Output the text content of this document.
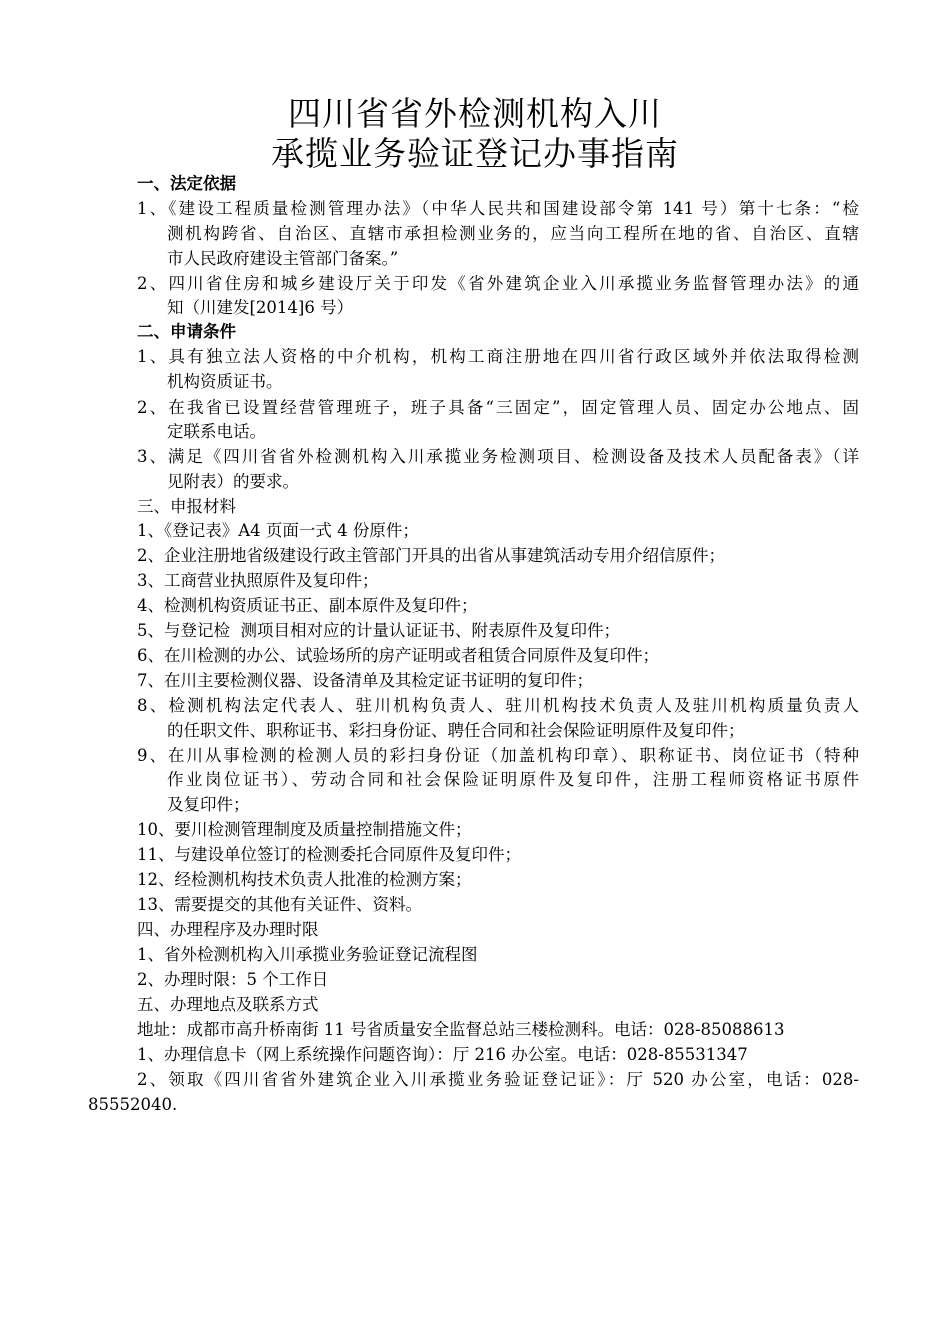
四川省省外检测机构入川
承揽业务验证登记办事指南
一、法定依据
1、《建设工程质量检测管理办法》（中华人民共和国建设部令第 141 号）第十七条：“检
测机构跨省、自治区、直辖市承担检测业务的，应当向工程所在地的省、自治区、直辖
市人民政府建设主管部门备案。”
2、四川省住房和城乡建设厅关于印发《省外建筑企业入川承揽业务监督管理办法》的通
知（川建发[2014]6 号）
二、申请条件
1、具有独立法人资格的中介机构，机构工商注册地在四川省行政区域外并依法取得检测
机构资质证书。
2、在我省已设置经营管理班子，班子具备“三固定”，固定管理人员、固定办公地点、固
定联系电话。
3、满足《四川省省外检测机构入川承揽业务检测项目、检测设备及技术人员配备表》（详
见附表）的要求。
三、申报材料
1、《登记表》A4 页面一式 4 份原件；
2、企业注册地省级建设行政主管部门开具的出省从事建筑活动专用介绍信原件；
3、工商营业执照原件及复印件；
4、检测机构资质证书正、副本原件及复印件；
5、与登记检  测项目相对应的计量认证证书、附表原件及复印件；
6、在川检测的办公、试验场所的房产证明或者租赁合同原件及复印件；
7、在川主要检测仪器、设备清单及其检定证书证明的复印件；
8、检测机构法定代表人、驻川机构负责人、驻川机构技术负责人及驻川机构质量负责人
的任职文件、职称证书、彩扫身份证、聘任合同和社会保险证明原件及复印件；
9、在川从事检测的检测人员的彩扫身份证（加盖机构印章）、职称证书、岗位证书（特种
作业岗位证书）、劳动合同和社会保险证明原件及复印件，注册工程师资格证书原件
及复印件；
10、要川检测管理制度及质量控制措施文件；
11、与建设单位签订的检测委托合同原件及复印件；
12、经检测机构技术负责人批准的检测方案；
13、需要提交的其他有关证件、资料。
四、办理程序及办理时限
1、省外检测机构入川承揽业务验证登记流程图
2、办理时限：5 个工作日
五、办理地点及联系方式
地址：成都市高升桥南街 11 号省质量安全监督总站三楼检测科。电话：028-85088613
1、办理信息卡（网上系统操作问题咨询）：厅 216 办公室。电话：028-85531347
2、领取《四川省省外建筑企业入川承揽业务验证登记证》：厅 520 办公室，电话：028-
85552040.
